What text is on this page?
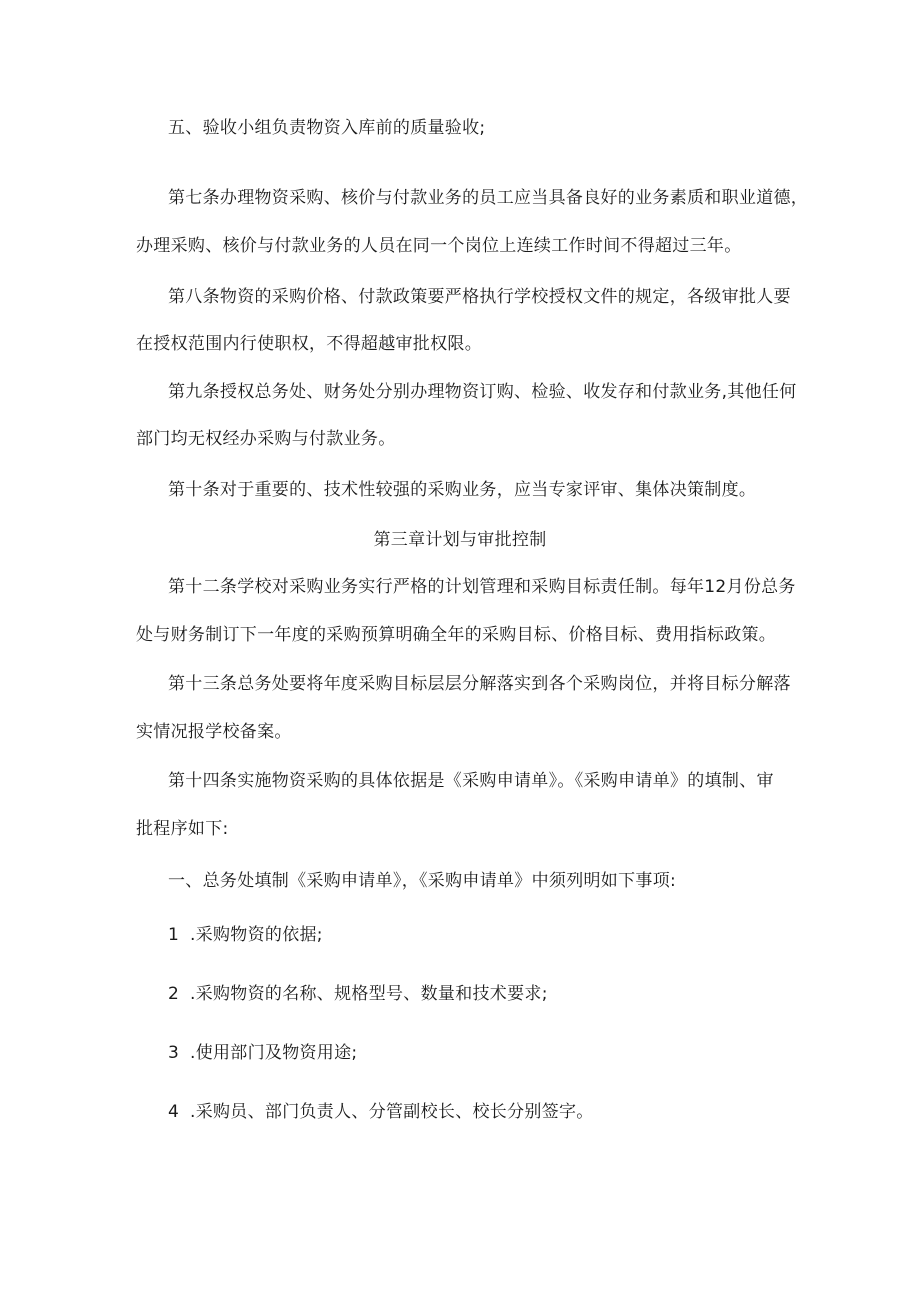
五、验收小组负责物资入库前的质量验收;
第七条办理物资采购、核价与付款业务的员工应当具备良好的业务素质和职业道德，
办理采购、核价与付款业务的人员在同一个岗位上连续工作时间不得超过三年。
第八条物资的采购价格、付款政策要严格执行学校授权文件的规定，各级审批人要
在授权范围内行使职权，不得超越审批权限。
第九条授权总务处、财务处分别办理物资订购、检验、收发存和付款业务,其他任何
部门均无权经办采购与付款业务。
第十条对于重要的、技术性较强的采购业务，应当专家评审、集体决策制度。
第三章计划与审批控制
第十二条学校对采购业务实行严格的计划管理和采购目标责任制。每年12月份总务
处与财务制订下一年度的采购预算明确全年的采购目标、价格目标、费用指标政策。
第十三条总务处要将年度采购目标层层分解落实到各个采购岗位，并将目标分解落
实情况报学校备案。
第十四条实施物资采购的具体依据是《采购申请单》。《采购申请单》的填制、审
批程序如下:
一、总务处填制《采购申请单》，《采购申请单》中须列明如下事项:
1 .采购物资的依据;
2 .采购物资的名称、规格型号、数量和技术要求;
3 .使用部门及物资用途;
4 .采购员、部门负责人、分管副校长、校长分别签字。
